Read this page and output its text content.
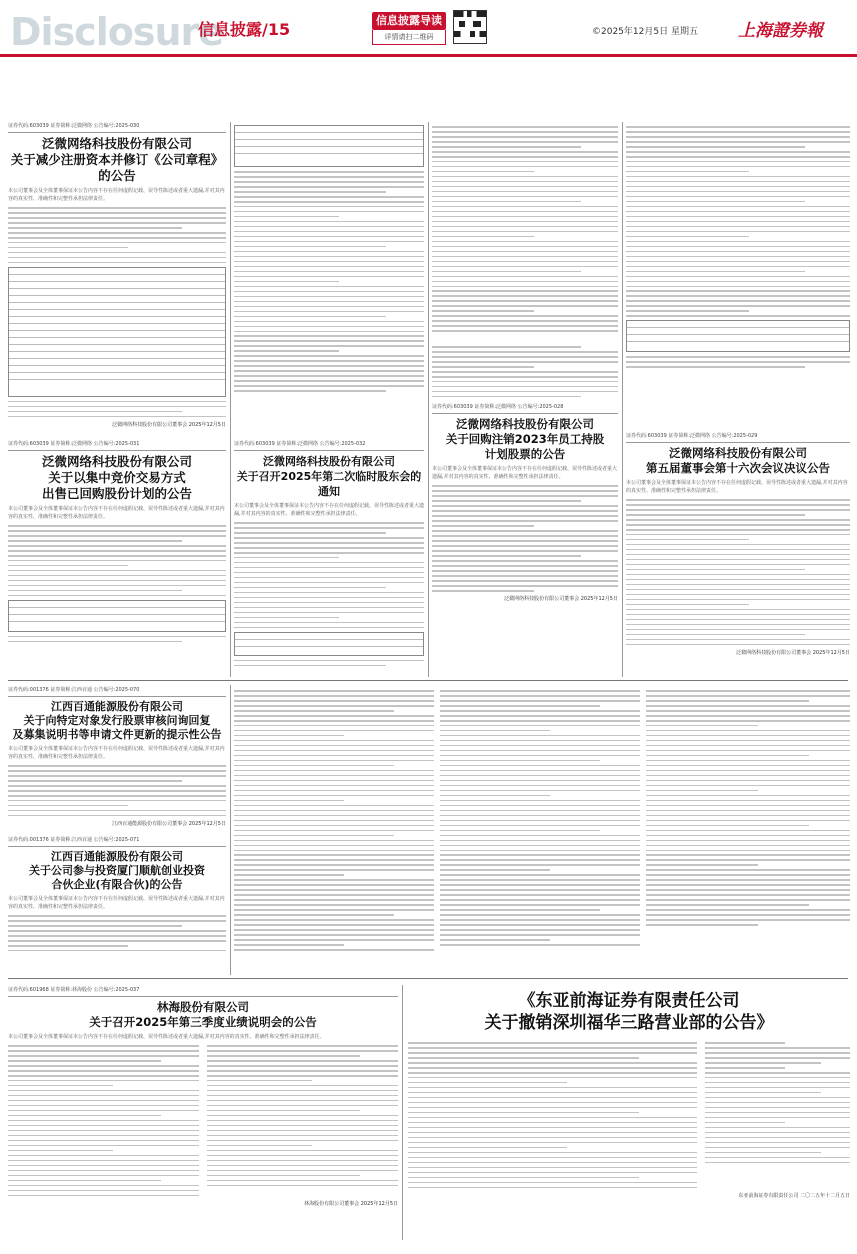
Disclosure
信息披露/15	信息披露导读
详情请扫二维码	©2025年12月5日 星期五 上海證券報
证券代码:603039 证券简称:泛微网络 公告编号:2025-030
泛微网络科技股份有限公司
关于减少注册资本并修订《公司章程》的公告
本公司董事会及全体董事保证本公告内容不存在任何虚假记载、误导性陈述或者重大遗漏,并对其内容的真实性、准确性和完整性承担法律责任。
泛微网络科技股份有限公司董事会 2025年12月5日
证券代码:603039 证券简称:泛微网络 公告编号:2025-031
泛微网络科技股份有限公司
关于以集中竞价交易方式
出售已回购股份计划的公告
本公司董事会及全体董事保证本公告内容不存在任何虚假记载、误导性陈述或者重大遗漏,并对其内容的真实性、准确性和完整性承担法律责任。
证券代码:603039 证券简称:泛微网络 公告编号:2025-032
泛微网络科技股份有限公司
关于召开2025年第二次临时股东会的通知
本公司董事会及全体董事保证本公告内容不存在任何虚假记载、误导性陈述或者重大遗漏,并对其内容的真实性、准确性和完整性承担法律责任。
证券代码:603039 证券简称:泛微网络 公告编号:2025-028
泛微网络科技股份有限公司
关于回购注销2023年员工持股
计划股票的公告
本公司董事会及全体董事保证本公告内容不存在任何虚假记载、误导性陈述或者重大遗漏,并对其内容的真实性、准确性和完整性承担法律责任。
泛微网络科技股份有限公司董事会 2025年12月5日
证券代码:603039 证券简称:泛微网络 公告编号:2025-029
泛微网络科技股份有限公司
第五届董事会第十六次会议决议公告
本公司董事会及全体董事保证本公告内容不存在任何虚假记载、误导性陈述或者重大遗漏,并对其内容的真实性、准确性和完整性承担法律责任。
泛微网络科技股份有限公司董事会 2025年12月5日
证券代码:001376 证券简称:江西百通 公告编号:2025-070
江西百通能源股份有限公司
关于向特定对象发行股票审核问询回复
及募集说明书等申请文件更新的提示性公告
本公司董事会及全体董事保证本公告内容不存在任何虚假记载、误导性陈述或者重大遗漏,并对其内容的真实性、准确性和完整性承担法律责任。
江西百通能源股份有限公司董事会 2025年12月5日
证券代码:001376 证券简称:江西百通 公告编号:2025-071
江西百通能源股份有限公司
关于公司参与投资厦门顺航创业投资
合伙企业(有限合伙)的公告
本公司董事会及全体董事保证本公告内容不存在任何虚假记载、误导性陈述或者重大遗漏,并对其内容的真实性、准确性和完整性承担法律责任。
证券代码:601968 证券简称:林海股份 公告编号:2025-037
林海股份有限公司
关于召开2025年第三季度业绩说明会的公告
本公司董事会及全体董事保证本公告内容不存在任何虚假记载、误导性陈述或者重大遗漏,并对其内容的真实性、准确性和完整性承担法律责任。
林海股份有限公司董事会 2025年12月5日
《东亚前海证券有限责任公司
关于撤销深圳福华三路营业部的公告》
东亚前海证券有限责任公司 二〇二五年十二月五日
